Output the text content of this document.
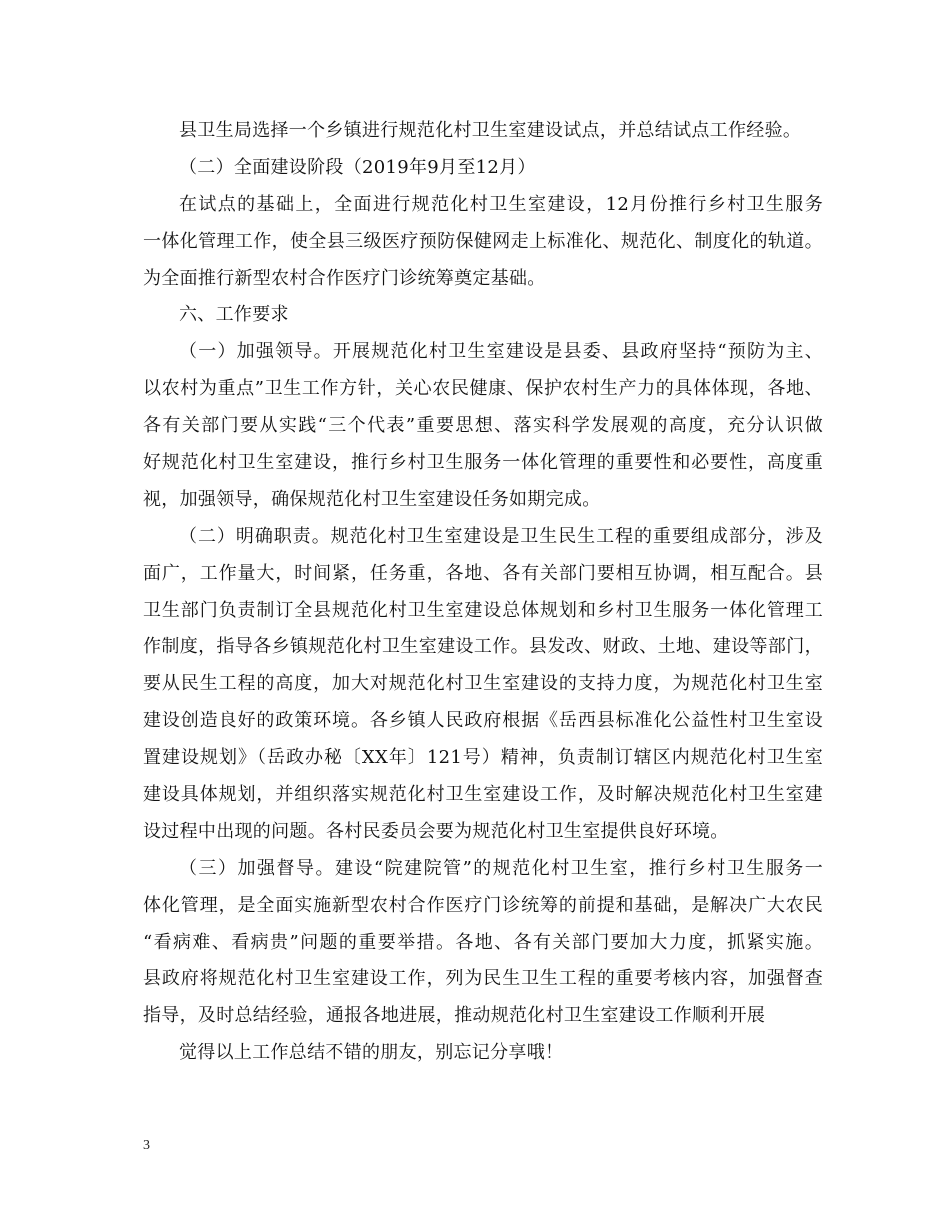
县卫生局选择一个乡镇进行规范化村卫生室建设试点，并总结试点工作经验。
（二）全面建设阶段（2019年9月至12月）
在试点的基础上，全面进行规范化村卫生室建设，12月份推行乡村卫生服务
一体化管理工作，使全县三级医疗预防保健网走上标准化、规范化、制度化的轨道。
为全面推行新型农村合作医疗门诊统筹奠定基础。
六、工作要求
（一）加强领导。开展规范化村卫生室建设是县委、县政府坚持“预防为主、
以农村为重点”卫生工作方针，关心农民健康、保护农村生产力的具体体现，各地、
各有关部门要从实践“三个代表”重要思想、落实科学发展观的高度，充分认识做
好规范化村卫生室建设，推行乡村卫生服务一体化管理的重要性和必要性，高度重
视，加强领导，确保规范化村卫生室建设任务如期完成。
（二）明确职责。规范化村卫生室建设是卫生民生工程的重要组成部分，涉及
面广，工作量大，时间紧，任务重，各地、各有关部门要相互协调，相互配合。县
卫生部门负责制订全县规范化村卫生室建设总体规划和乡村卫生服务一体化管理工
作制度，指导各乡镇规范化村卫生室建设工作。县发改、财政、土地、建设等部门，
要从民生工程的高度，加大对规范化村卫生室建设的支持力度，为规范化村卫生室
建设创造良好的政策环境。各乡镇人民政府根据《岳西县标准化公益性村卫生室设
置建设规划》（岳政办秘〔XX年〕121号）精神，负责制订辖区内规范化村卫生室
建设具体规划，并组织落实规范化村卫生室建设工作，及时解决规范化村卫生室建
设过程中出现的问题。各村民委员会要为规范化村卫生室提供良好环境。
（三）加强督导。建设“院建院管”的规范化村卫生室，推行乡村卫生服务一
体化管理，是全面实施新型农村合作医疗门诊统筹的前提和基础，是解决广大农民
“看病难、看病贵”问题的重要举措。各地、各有关部门要加大力度，抓紧实施。
县政府将规范化村卫生室建设工作，列为民生卫生工程的重要考核内容，加强督查
指导，及时总结经验，通报各地进展，推动规范化村卫生室建设工作顺利开展
觉得以上工作总结不错的朋友，别忘记分享哦！
3
